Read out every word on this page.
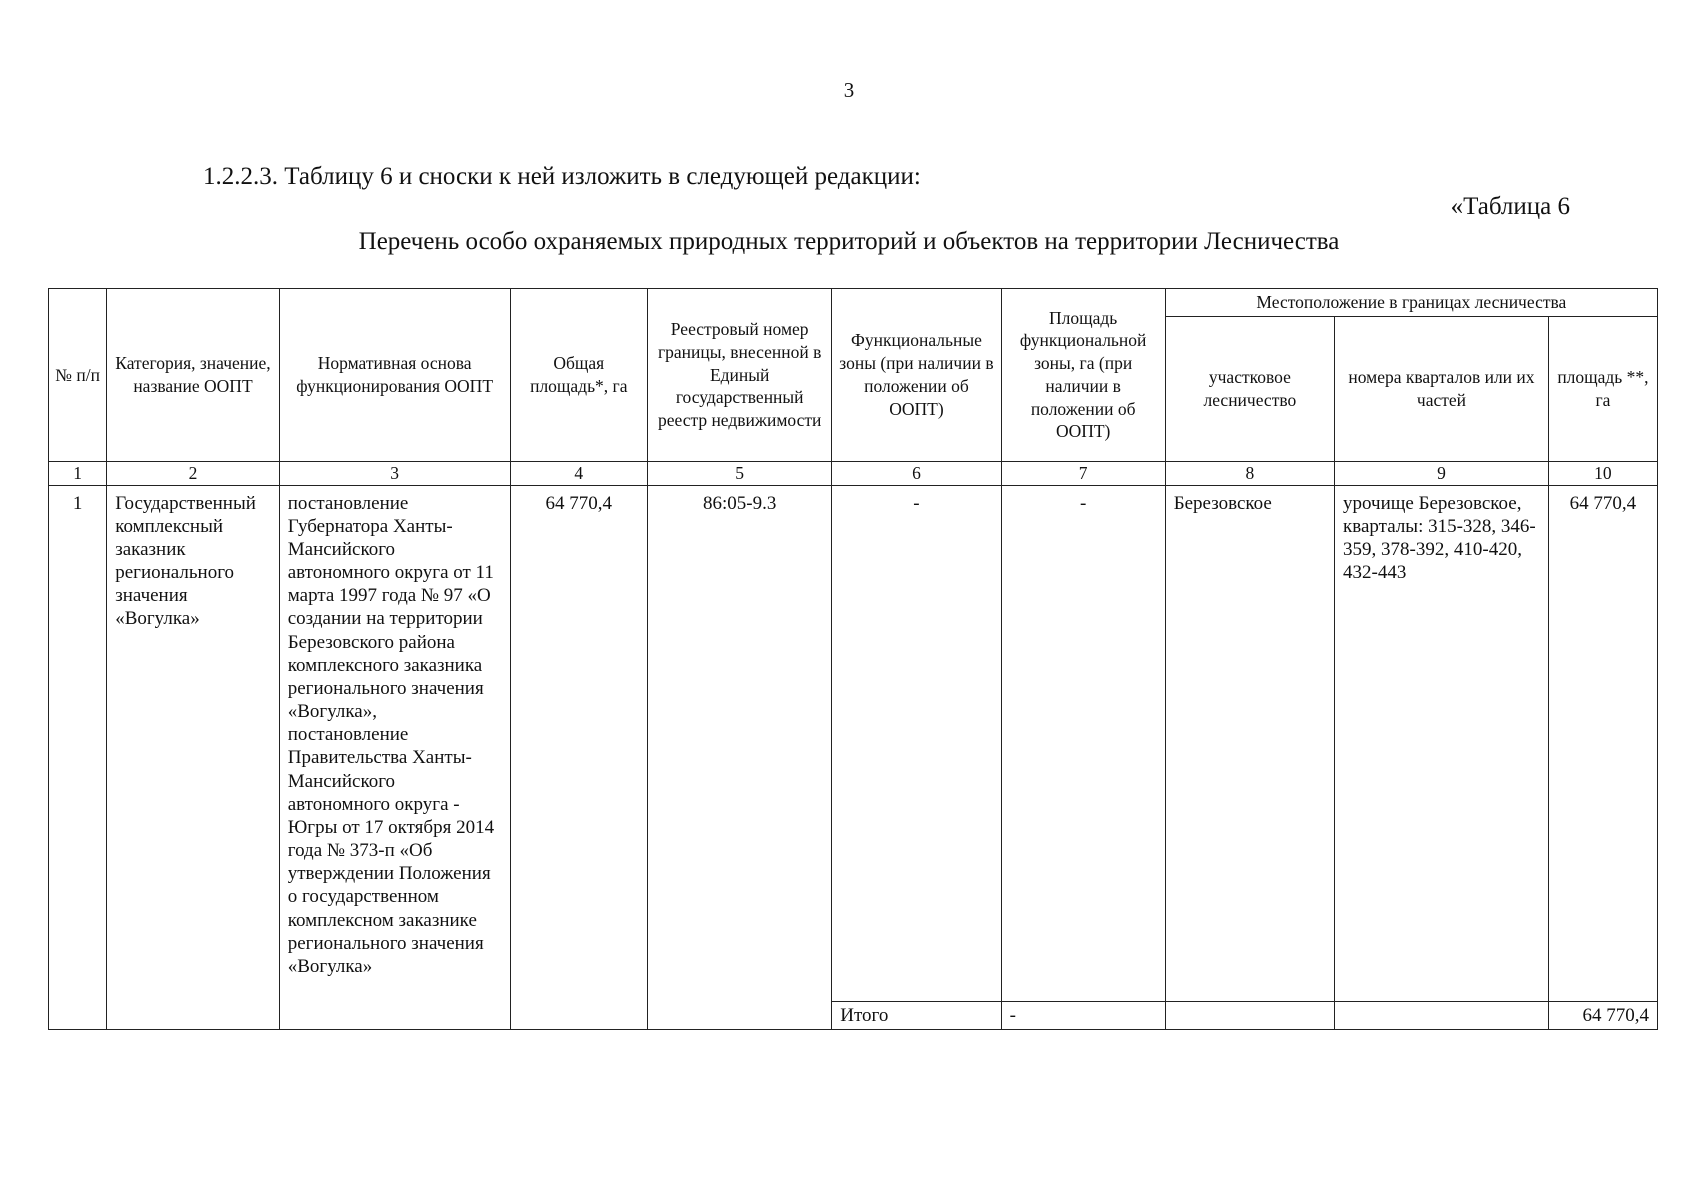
3
1.2.2.3. Таблицу 6 и сноски к ней изложить в следующей редакции:
«Таблица 6
Перечень особо охраняемых природных территорий и объектов на территории Лесничества
№ п/п	Категория, значение, название ООПТ	Нормативная основа функционирования ООПТ	Общая площадь*, га	Реестровый номер границы, внесенной в Единый государственный реестр недвижимости	Функциональные зоны (при наличии в положении об ООПТ)	Площадь функциональной зоны, га (при наличии в положении об ООПТ)	Местоположение в границах лесничества		
							участковое лесничество	номера кварталов или их частей	площадь **, га
1	2	3	4	5	6	7	8	9	10
1	Государственный комплексный заказник регионального значения «Вогулка»	постановление Губернатора Ханты-Мансийского автономного округа от 11 марта 1997 года № 97 «О создании на территории Березовского района комплексного заказника регионального значения «Вогулка», постановление Правительства Ханты-Мансийского автономного округа - Югры от 17 октября 2014 года № 373-п «Об утверждении Положения о государственном комплексном заказнике регионального значения «Вогулка»	64 770,4	86:05-9.3	-	-	Березовское	урочище Березовское, кварталы: 315-328, 346-359, 378-392, 410-420, 432-443	64 770,4
					Итого	-			64 770,4
